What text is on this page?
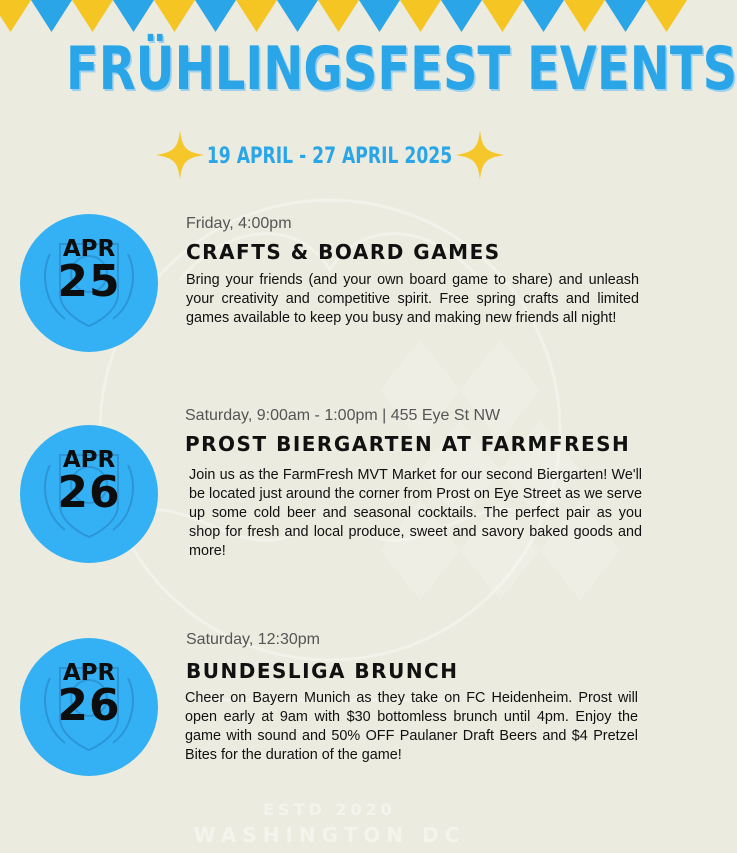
FRÜHLINGSFEST EVENTS
19 APRIL - 27 APRIL 2025
APR
25
Friday, 4:00pm
CRAFTS & BOARD GAMES
Bring your friends (and your own board game to share) and unleash your creativity and competitive spirit. Free spring crafts and limited games available to keep you busy and making new friends all night!
APR
26
Saturday, 9:00am - 1:00pm | 455 Eye St NW
PROST BIERGARTEN AT FARMFRESH
Join us as the FarmFresh MVT Market for our second Biergarten! We'll be located just around the corner from Prost on Eye Street as we serve up some cold beer and seasonal cocktails. The perfect pair as you shop for fresh and local produce, sweet and savory baked goods and more!
APR
26
Saturday, 12:30pm
BUNDESLIGA BRUNCH
Cheer on Bayern Munich as they take on FC Heidenheim. Prost will open early at 9am with $30 bottomless brunch until 4pm. Enjoy the game with sound and 50% OFF Paulaner Draft Beers and $4 Pretzel Bites for the duration of the game!
ESTD 2020
WASHINGTON DC
